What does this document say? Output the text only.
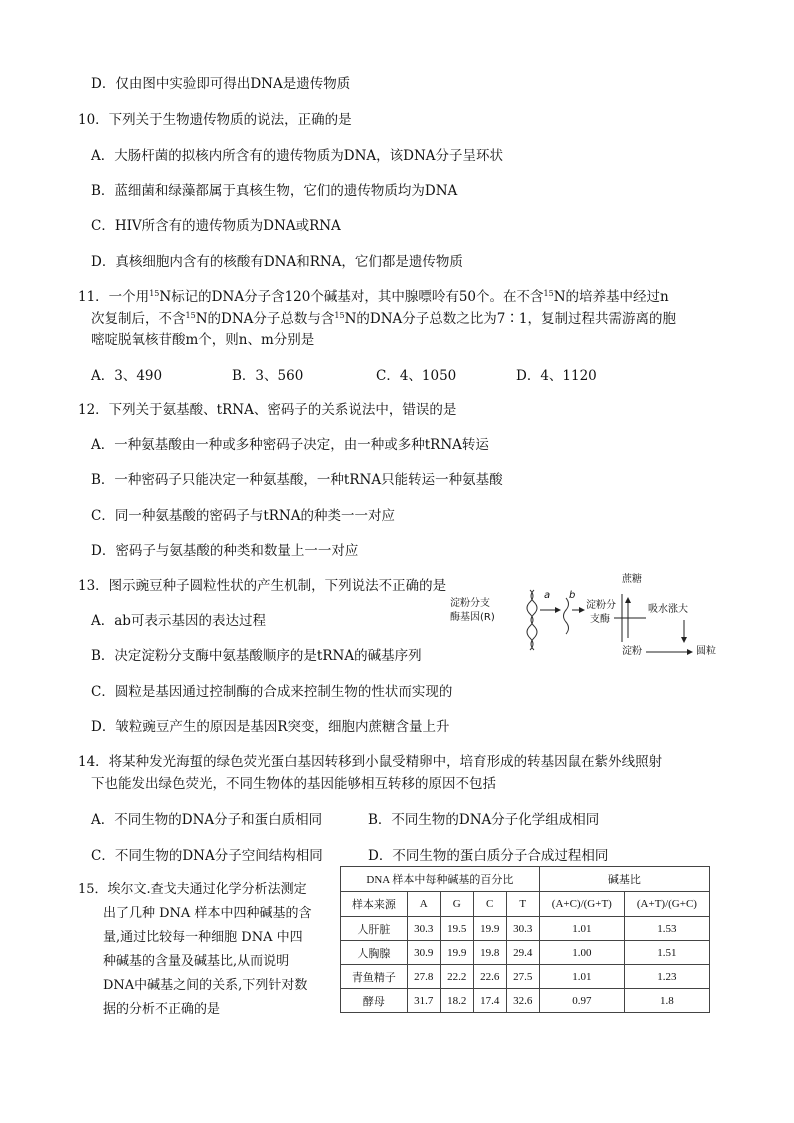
D．仅由图中实验即可得出DNA是遗传物质
10．下列关于生物遗传物质的说法，正确的是
A．大肠杆菌的拟核内所含有的遗传物质为DNA，该DNA分子呈环状
B．蓝细菌和绿藻都属于真核生物，它们的遗传物质均为DNA
C．HIV所含有的遗传物质为DNA或RNA
D．真核细胞内含有的核酸有DNA和RNA，它们都是遗传物质
11．一个用$^{15}$N标记的DNA分子含120个碱基对，其中腺嘌呤有50个。在不含$^{15}$N的培养基中经过n
次复制后，不含$^{15}$N的DNA分子总数与含$^{15}$N的DNA分子总数之比为7∶1，复制过程共需游离的胞
嘧啶脱氧核苷酸m个，则n、m分别是
A．3、490	B．3、560	C．4、1050	D．4、1120
12．下列关于氨基酸、tRNA、密码子的关系说法中，错误的是
A．一种氨基酸由一种或多种密码子决定，由一种或多种tRNA转运
B．一种密码子只能决定一种氨基酸，一种tRNA只能转运一种氨基酸
C．同一种氨基酸的密码子与tRNA的种类一一对应
D．密码子与氨基酸的种类和数量上一一对应
13．图示豌豆种子圆粒性状的产生机制，下列说法不正确的是
A．ab可表示基因的表达过程
B．决定淀粉分支酶中氨基酸顺序的是tRNA的碱基序列
C．圆粒是基因通过控制酶的合成来控制生物的性状而实现的
D．皱粒豌豆产生的原因是基因R突变，细胞内蔗糖含量上升
淀粉分支
酶基因(R)
a b
淀粉分
支酶
蔗糖
淀粉
吸水涨大
圆粒
14．将某种发光海蜇的绿色荧光蛋白基因转移到小鼠受精卵中，培育形成的转基因鼠在紫外线照射
下也能发出绿色荧光，不同生物体的基因能够相互转移的原因不包括
A．不同生物的DNA分子和蛋白质相同	B．不同生物的DNA分子化学组成相同
C．不同生物的DNA分子空间结构相同	D．不同生物的蛋白质分子合成过程相同
15．埃尔文.查戈夫通过化学分析法测定
出了几种 DNA 样本中四种碱基的含
量,通过比较每一种细胞 DNA 中四
种碱基的含量及碱基比,从而说明
DNA中碱基之间的关系,下列针对数
据的分析不正确的是
DNA 样本中每种碱基的百分比					碱基比	
样本来源	A	G	C	T	(A+C)/(G+T)	(A+T)/(G+C)
人肝脏	30.3	19.5	19.9	30.3	1.01	1.53
人胸腺	30.9	19.9	19.8	29.4	1.00	1.51
青鱼精子	27.8	22.2	22.6	27.5	1.01	1.23
酵母	31.7	18.2	17.4	32.6	0.97	1.8
